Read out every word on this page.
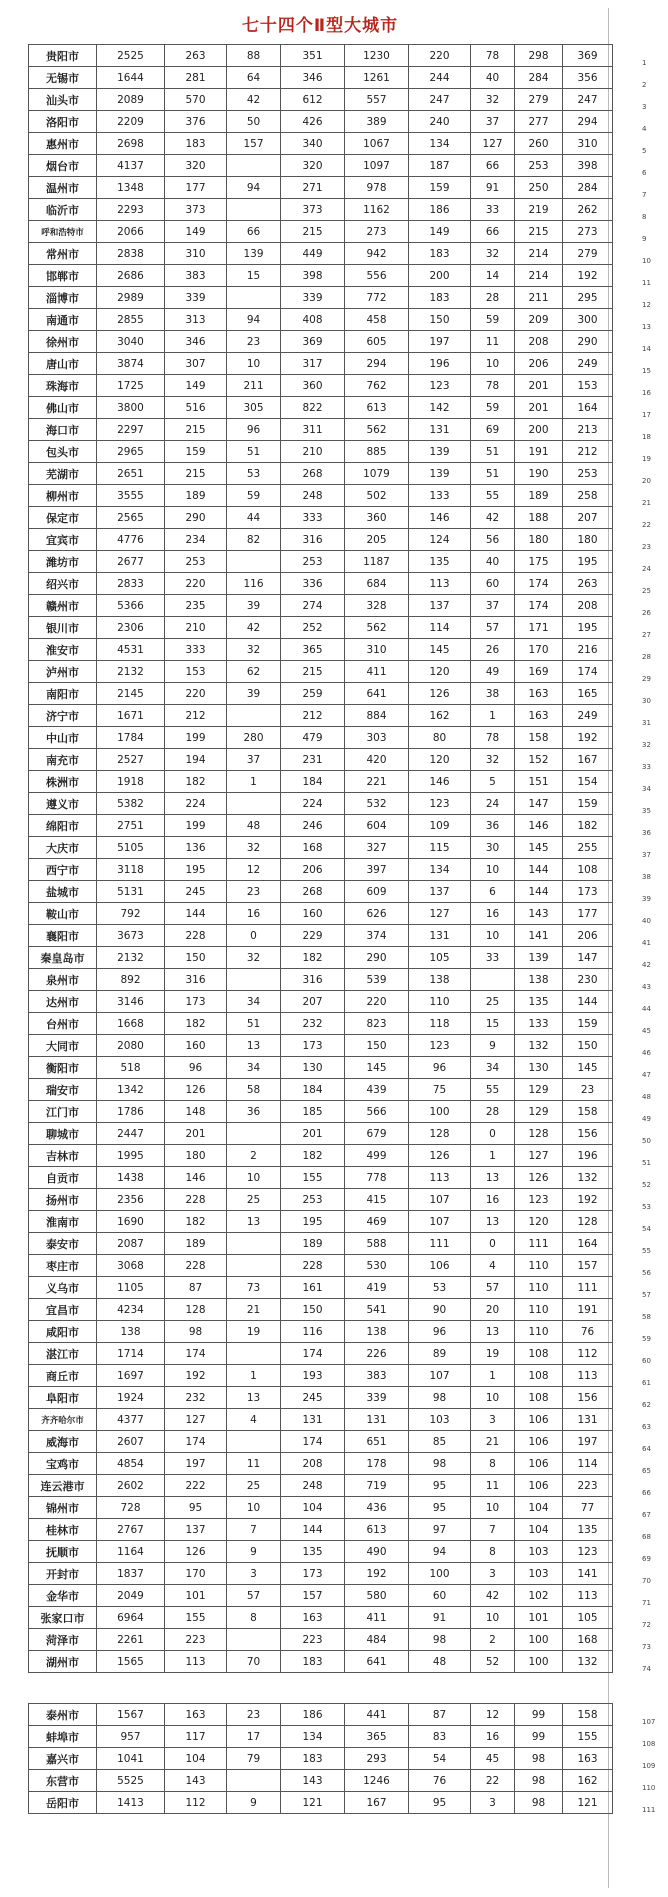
七十四个Ⅱ型大城市
贵阳市	2525	263	88	351	1230	220	78	298	369
无锡市	1644	281	64	346	1261	244	40	284	356
汕头市	2089	570	42	612	557	247	32	279	247
洛阳市	2209	376	50	426	389	240	37	277	294
惠州市	2698	183	157	340	1067	134	127	260	310
烟台市	4137	320		320	1097	187	66	253	398
温州市	1348	177	94	271	978	159	91	250	284
临沂市	2293	373		373	1162	186	33	219	262
呼和浩特市	2066	149	66	215	273	149	66	215	273
常州市	2838	310	139	449	942	183	32	214	279
邯郸市	2686	383	15	398	556	200	14	214	192
淄博市	2989	339		339	772	183	28	211	295
南通市	2855	313	94	408	458	150	59	209	300
徐州市	3040	346	23	369	605	197	11	208	290
唐山市	3874	307	10	317	294	196	10	206	249
珠海市	1725	149	211	360	762	123	78	201	153
佛山市	3800	516	305	822	613	142	59	201	164
海口市	2297	215	96	311	562	131	69	200	213
包头市	2965	159	51	210	885	139	51	191	212
芜湖市	2651	215	53	268	1079	139	51	190	253
柳州市	3555	189	59	248	502	133	55	189	258
保定市	2565	290	44	333	360	146	42	188	207
宜宾市	4776	234	82	316	205	124	56	180	180
潍坊市	2677	253		253	1187	135	40	175	195
绍兴市	2833	220	116	336	684	113	60	174	263
赣州市	5366	235	39	274	328	137	37	174	208
银川市	2306	210	42	252	562	114	57	171	195
淮安市	4531	333	32	365	310	145	26	170	216
泸州市	2132	153	62	215	411	120	49	169	174
南阳市	2145	220	39	259	641	126	38	163	165
济宁市	1671	212		212	884	162	1	163	249
中山市	1784	199	280	479	303	80	78	158	192
南充市	2527	194	37	231	420	120	32	152	167
株洲市	1918	182	1	184	221	146	5	151	154
遵义市	5382	224		224	532	123	24	147	159
绵阳市	2751	199	48	246	604	109	36	146	182
大庆市	5105	136	32	168	327	115	30	145	255
西宁市	3118	195	12	206	397	134	10	144	108
盐城市	5131	245	23	268	609	137	6	144	173
鞍山市	792	144	16	160	626	127	16	143	177
襄阳市	3673	228	0	229	374	131	10	141	206
秦皇岛市	2132	150	32	182	290	105	33	139	147
泉州市	892	316		316	539	138		138	230
达州市	3146	173	34	207	220	110	25	135	144
台州市	1668	182	51	232	823	118	15	133	159
大同市	2080	160	13	173	150	123	9	132	150
衡阳市	518	96	34	130	145	96	34	130	145
瑞安市	1342	126	58	184	439	75	55	129	23
江门市	1786	148	36	185	566	100	28	129	158
聊城市	2447	201		201	679	128	0	128	156
吉林市	1995	180	2	182	499	126	1	127	196
自贡市	1438	146	10	155	778	113	13	126	132
扬州市	2356	228	25	253	415	107	16	123	192
淮南市	1690	182	13	195	469	107	13	120	128
泰安市	2087	189		189	588	111	0	111	164
枣庄市	3068	228		228	530	106	4	110	157
义乌市	1105	87	73	161	419	53	57	110	111
宜昌市	4234	128	21	150	541	90	20	110	191
咸阳市	138	98	19	116	138	96	13	110	76
湛江市	1714	174		174	226	89	19	108	112
商丘市	1697	192	1	193	383	107	1	108	113
阜阳市	1924	232	13	245	339	98	10	108	156
齐齐哈尔市	4377	127	4	131	131	103	3	106	131
威海市	2607	174		174	651	85	21	106	197
宝鸡市	4854	197	11	208	178	98	8	106	114
连云港市	2602	222	25	248	719	95	11	106	223
锦州市	728	95	10	104	436	95	10	104	77
桂林市	2767	137	7	144	613	97	7	104	135
抚顺市	1164	126	9	135	490	94	8	103	123
开封市	1837	170	3	173	192	100	3	103	141
金华市	2049	101	57	157	580	60	42	102	113
张家口市	6964	155	8	163	411	91	10	101	105
菏泽市	2261	223		223	484	98	2	100	168
湖州市	1565	113	70	183	641	48	52	100	132

泰州市	1567	163	23	186	441	87	12	99	158
蚌埠市	957	117	17	134	365	83	16	99	155
嘉兴市	1041	104	79	183	293	54	45	98	163
东营市	5525	143		143	1246	76	22	98	162
岳阳市	1413	112	9	121	167	95	3	98	121
1
2
3
4
5
6
7
8
9
10
11
12
13
14
15
16
17
18
19
20
21
22
23
24
25
26
27
28
29
30
31
32
33
34
35
36
37
38
39
40
41
42
43
44
45
46
47
48
49
50
51
52
53
54
55
56
57
58
59
60
61
62
63
64
65
66
67
68
69
70
71
72
73
74
107
108
109
110
111
